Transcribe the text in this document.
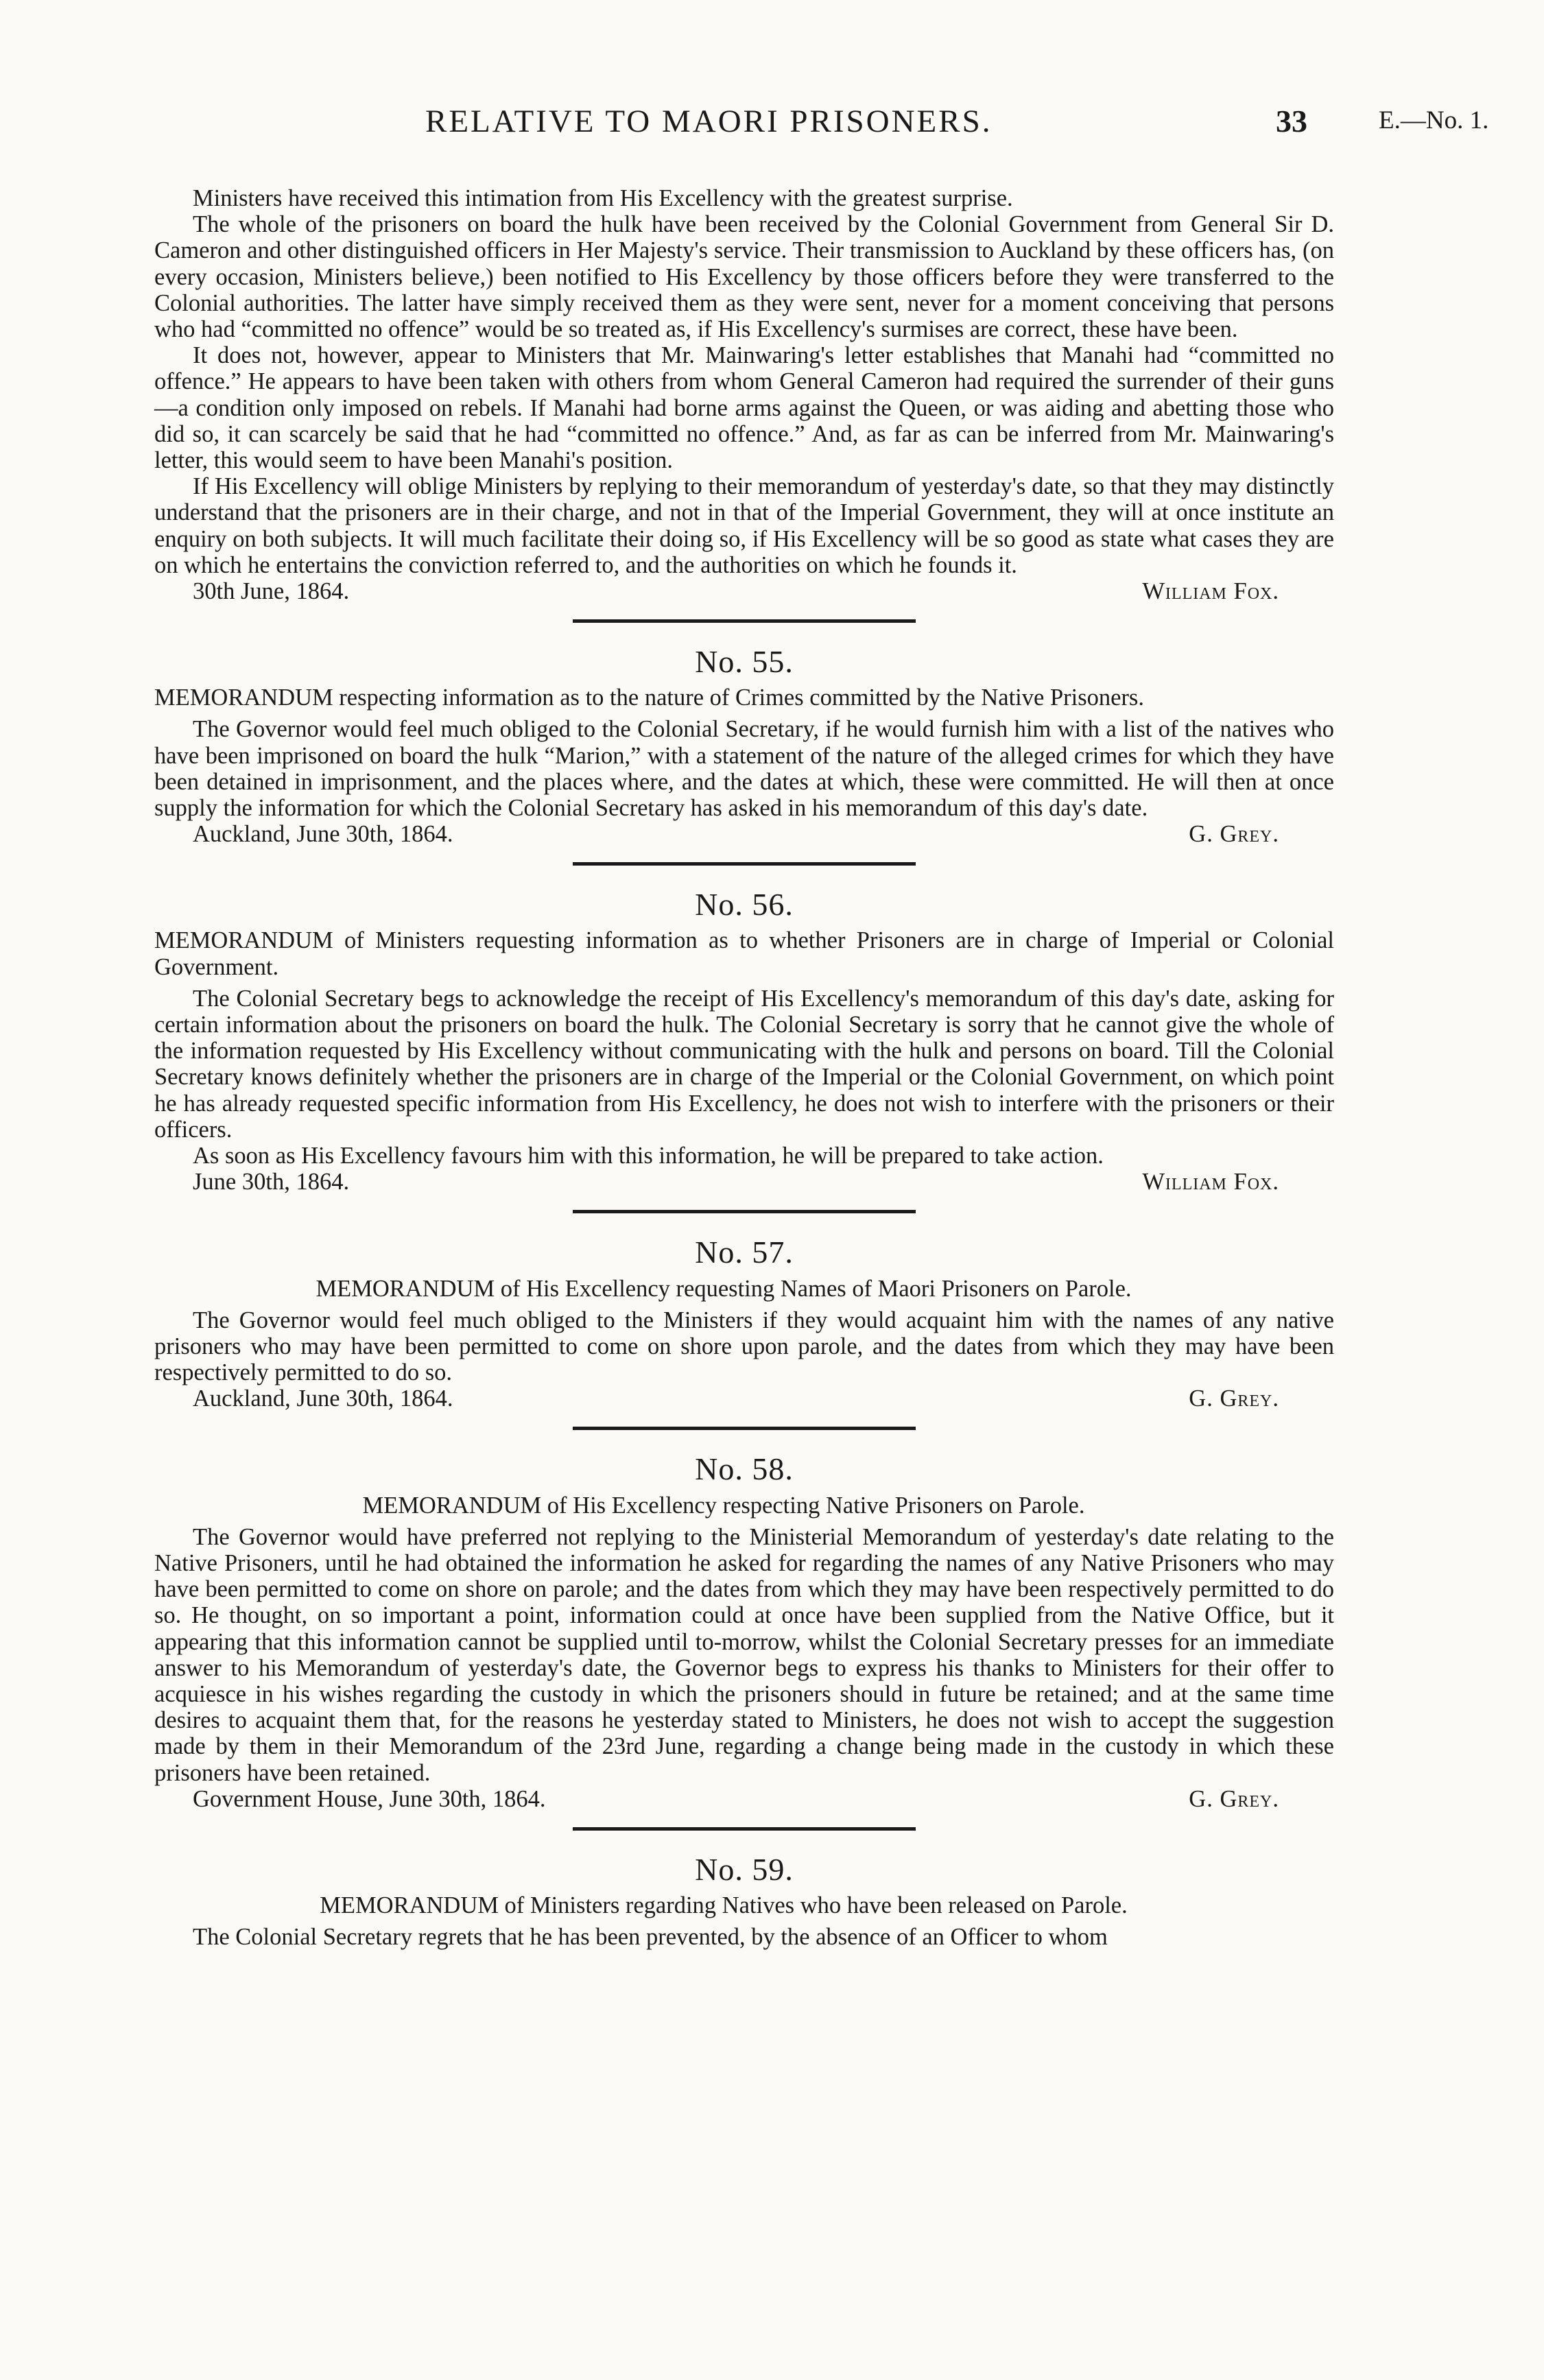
RELATIVE TO MAORI PRISONERS.	33	E.—No. 1.

Ministers have received this intimation from His Excellency with the greatest surprise.

The whole of the prisoners on board the hulk have been received by the Colonial Government from General Sir D. Cameron and other distinguished officers in Her Majesty's service. Their transmission to Auckland by these officers has, (on every occasion, Ministers believe,) been notified to His Excellency by those officers before they were transferred to the Colonial authorities. The latter have simply received them as they were sent, never for a moment conceiving that persons who had “committed no offence” would be so treated as, if His Excellency's surmises are correct, these have been.

It does not, however, appear to Ministers that Mr. Mainwaring's letter establishes that Manahi had “committed no offence.” He appears to have been taken with others from whom General Cameron had required the surrender of their guns—a condition only imposed on rebels. If Manahi had borne arms against the Queen, or was aiding and abetting those who did so, it can scarcely be said that he had “committed no offence.” And, as far as can be inferred from Mr. Mainwaring's letter, this would seem to have been Manahi's position.

If His Excellency will oblige Ministers by replying to their memorandum of yesterday's date, so that they may distinctly understand that the prisoners are in their charge, and not in that of the Imperial Government, they will at once institute an enquiry on both subjects. It will much facilitate their doing so, if His Excellency will be so good as state what cases they are on which he entertains the conviction referred to, and the authorities on which he founds it.

30th June, 1864.	William Fox.
No. 55.

MEMORANDUM respecting information as to the nature of Crimes committed by the Native Prisoners.

The Governor would feel much obliged to the Colonial Secretary, if he would furnish him with a list of the natives who have been imprisoned on board the hulk “Marion,” with a statement of the nature of the alleged crimes for which they have been detained in imprisonment, and the places where, and the dates at which, these were committed. He will then at once supply the information for which the Colonial Secretary has asked in his memorandum of this day's date.

Auckland, June 30th, 1864.	G. Grey.
No. 56.

MEMORANDUM of Ministers requesting information as to whether Prisoners are in charge of Imperial or Colonial Government.

The Colonial Secretary begs to acknowledge the receipt of His Excellency's memorandum of this day's date, asking for certain information about the prisoners on board the hulk. The Colonial Secretary is sorry that he cannot give the whole of the information requested by His Excellency without communicating with the hulk and persons on board. Till the Colonial Secretary knows definitely whether the prisoners are in charge of the Imperial or the Colonial Government, on which point he has already requested specific information from His Excellency, he does not wish to interfere with the prisoners or their officers.

As soon as His Excellency favours him with this information, he will be prepared to take action.

June 30th, 1864.	William Fox.
No. 57.

MEMORANDUM of His Excellency requesting Names of Maori Prisoners on Parole.

The Governor would feel much obliged to the Ministers if they would acquaint him with the names of any native prisoners who may have been permitted to come on shore upon parole, and the dates from which they may have been respectively permitted to do so.

Auckland, June 30th, 1864.	G. Grey.
No. 58.

MEMORANDUM of His Excellency respecting Native Prisoners on Parole.

The Governor would have preferred not replying to the Ministerial Memorandum of yesterday's date relating to the Native Prisoners, until he had obtained the information he asked for regarding the names of any Native Prisoners who may have been permitted to come on shore on parole; and the dates from which they may have been respectively permitted to do so. He thought, on so important a point, information could at once have been supplied from the Native Office, but it appearing that this information cannot be supplied until to-morrow, whilst the Colonial Secretary presses for an immediate answer to his Memorandum of yesterday's date, the Governor begs to express his thanks to Ministers for their offer to acquiesce in his wishes regarding the custody in which the prisoners should in future be retained; and at the same time desires to acquaint them that, for the reasons he yesterday stated to Ministers, he does not wish to accept the suggestion made by them in their Memorandum of the 23rd June, regarding a change being made in the custody in which these prisoners have been retained.

Government House, June 30th, 1864.	G. Grey.
No. 59.

MEMORANDUM of Ministers regarding Natives who have been released on Parole.

The Colonial Secretary regrets that he has been prevented, by the absence of an Officer to whom
